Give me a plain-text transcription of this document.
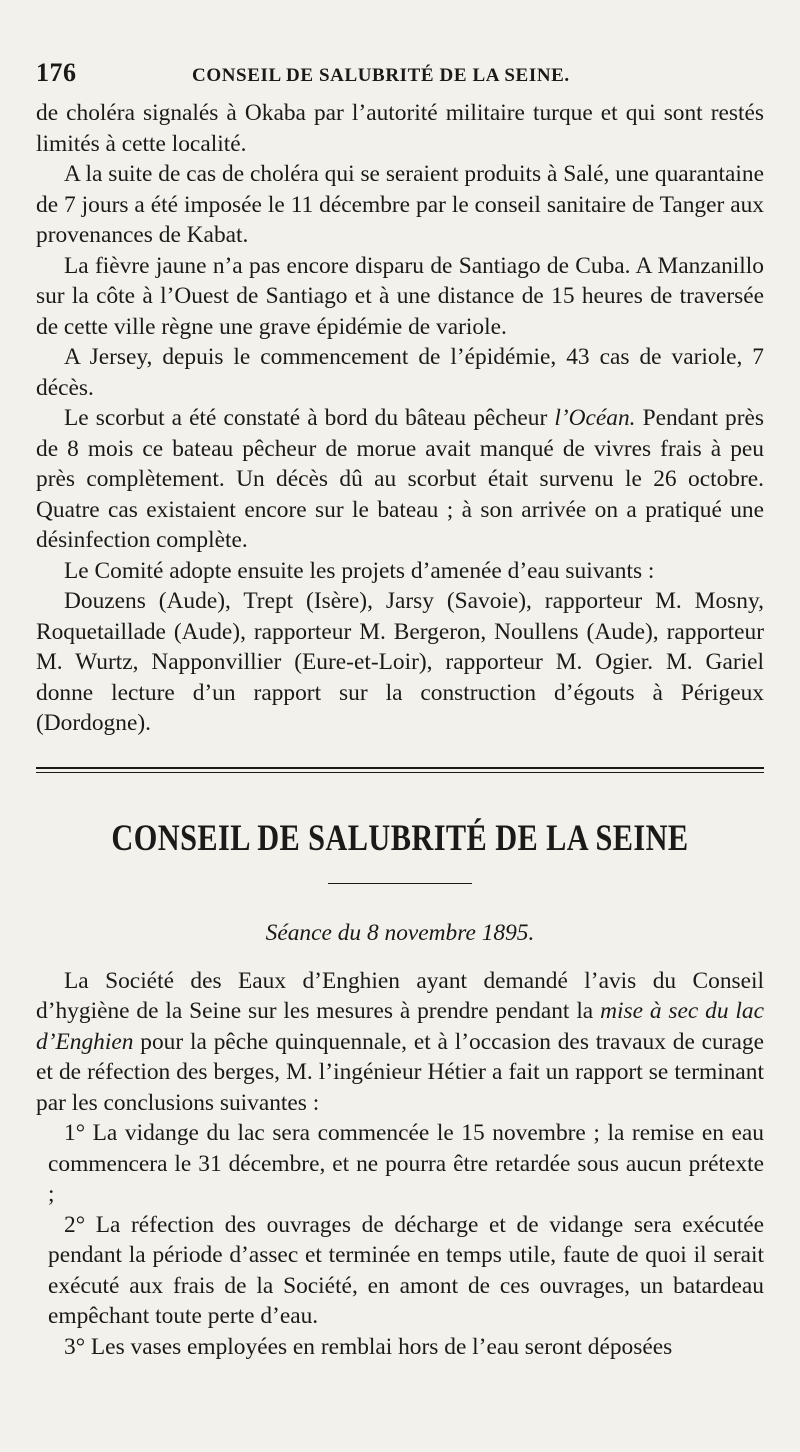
176	CONSEIL DE SALUBRITÉ DE LA SEINE.

de choléra signalés à Okaba par l’autorité militaire turque et qui sont restés limités à cette localité.

A la suite de cas de choléra qui se seraient produits à Salé, une quarantaine de 7 jours a été imposée le 11 décembre par le conseil sanitaire de Tanger aux provenances de Kabat.

La fièvre jaune n’a pas encore disparu de Santiago de Cuba. A Manzanillo sur la côte à l’Ouest de Santiago et à une distance de 15 heures de traversée de cette ville règne une grave épidémie de variole.

A Jersey, depuis le commencement de l’épidémie, 43 cas de variole, 7 décès.

Le scorbut a été constaté à bord du bâteau pêcheur l’Océan. Pendant près de 8 mois ce bateau pêcheur de morue avait manqué de vivres frais à peu près complètement. Un décès dû au scorbut était survenu le 26 octobre. Quatre cas existaient encore sur le bateau ; à son arrivée on a pratiqué une désinfection complète.

Le Comité adopte ensuite les projets d’amenée d’eau suivants :

Douzens (Aude), Trept (Isère), Jarsy (Savoie), rapporteur M. Mosny, Roquetaillade (Aude), rapporteur M. Bergeron, Noullens (Aude), rapporteur M. Wurtz, Napponvillier (Eure-et-Loir), rapporteur M. Ogier. M. Gariel donne lecture d’un rapport sur la construction d’égouts à Périgeux (Dordogne).

CONSEIL DE SALUBRITÉ DE LA SEINE
Séance du 8 novembre 1895.

La Société des Eaux d’Enghien ayant demandé l’avis du Conseil d’hygiène de la Seine sur les mesures à prendre pendant la mise à sec du lac d’Enghien pour la pêche quinquennale, et à l’occasion des travaux de curage et de réfection des berges, M. l’ingénieur Hétier a fait un rapport se terminant par les conclusions suivantes :

1° La vidange du lac sera commencée le 15 novembre ; la remise en eau commencera le 31 décembre, et ne pourra être retardée sous aucun prétexte ;

2° La réfection des ouvrages de décharge et de vidange sera exécutée pendant la période d’assec et terminée en temps utile, faute de quoi il serait exécuté aux frais de la Société, en amont de ces ouvrages, un batardeau empêchant toute perte d’eau.

3° Les vases employées en remblai hors de l’eau seront déposées
